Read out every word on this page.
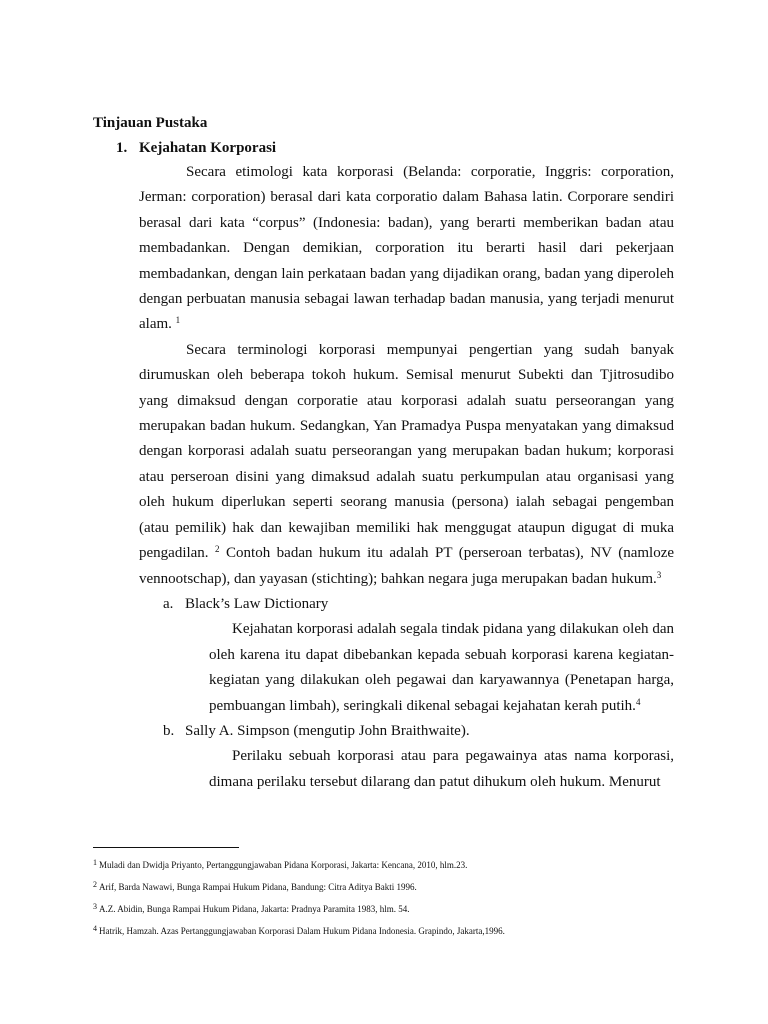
Tinjauan Pustaka
1. Kejahatan Korporasi

Secara etimologi kata korporasi (Belanda: corporatie, Inggris: corporation, Jerman: corporation) berasal dari kata corporatio dalam Bahasa latin. Corporare sendiri berasal dari kata “corpus” (Indonesia: badan), yang berarti memberikan badan atau membadankan. Dengan demikian, corporation itu berarti hasil dari pekerjaan membadankan, dengan lain perkataan badan yang dijadikan orang, badan yang diperoleh dengan perbuatan manusia sebagai lawan terhadap badan manusia, yang terjadi menurut alam. $^1$

Secara terminologi korporasi mempunyai pengertian yang sudah banyak dirumuskan oleh beberapa tokoh hukum. Semisal menurut Subekti dan Tjitrosudibo yang dimaksud dengan corporatie atau korporasi adalah suatu perseorangan yang merupakan badan hukum. Sedangkan, Yan Pramadya Puspa menyatakan yang dimaksud dengan korporasi adalah suatu perseorangan yang merupakan badan hukum; korporasi atau perseroan disini yang dimaksud adalah suatu perkumpulan atau organisasi yang oleh hukum diperlukan seperti seorang manusia (persona) ialah sebagai pengemban (atau pemilik) hak dan kewajiban memiliki hak menggugat ataupun digugat di muka pengadilan. $^2$ Contoh badan hukum itu adalah PT (perseroan terbatas), NV (namloze vennootschap), dan yayasan (stichting); bahkan negara juga merupakan badan hukum.$^3$

a. Black’s Law Dictionary

Kejahatan korporasi adalah segala tindak pidana yang dilakukan oleh dan oleh karena itu dapat dibebankan kepada sebuah korporasi karena kegiatan-kegiatan yang dilakukan oleh pegawai dan karyawannya (Penetapan harga, pembuangan limbah), seringkali dikenal sebagai kejahatan kerah putih.$^4$

b. Sally A. Simpson (mengutip John Braithwaite).

Perilaku sebuah korporasi atau para pegawainya atas nama korporasi, dimana perilaku tersebut dilarang dan patut dihukum oleh hukum. Menurut

1 Muladi dan Dwidja Priyanto, Pertanggungjawaban Pidana Korporasi, Jakarta: Kencana, 2010, hlm.23.
2 Arif, Barda Nawawi, Bunga Rampai Hukum Pidana, Bandung: Citra Aditya Bakti 1996.
3 A.Z. Abidin, Bunga Rampai Hukum Pidana, Jakarta: Pradnya Paramita 1983, hlm. 54.
4 Hatrik, Hamzah. Azas Pertanggungjawaban Korporasi Dalam Hukum Pidana Indonesia. Grapindo, Jakarta,1996.
